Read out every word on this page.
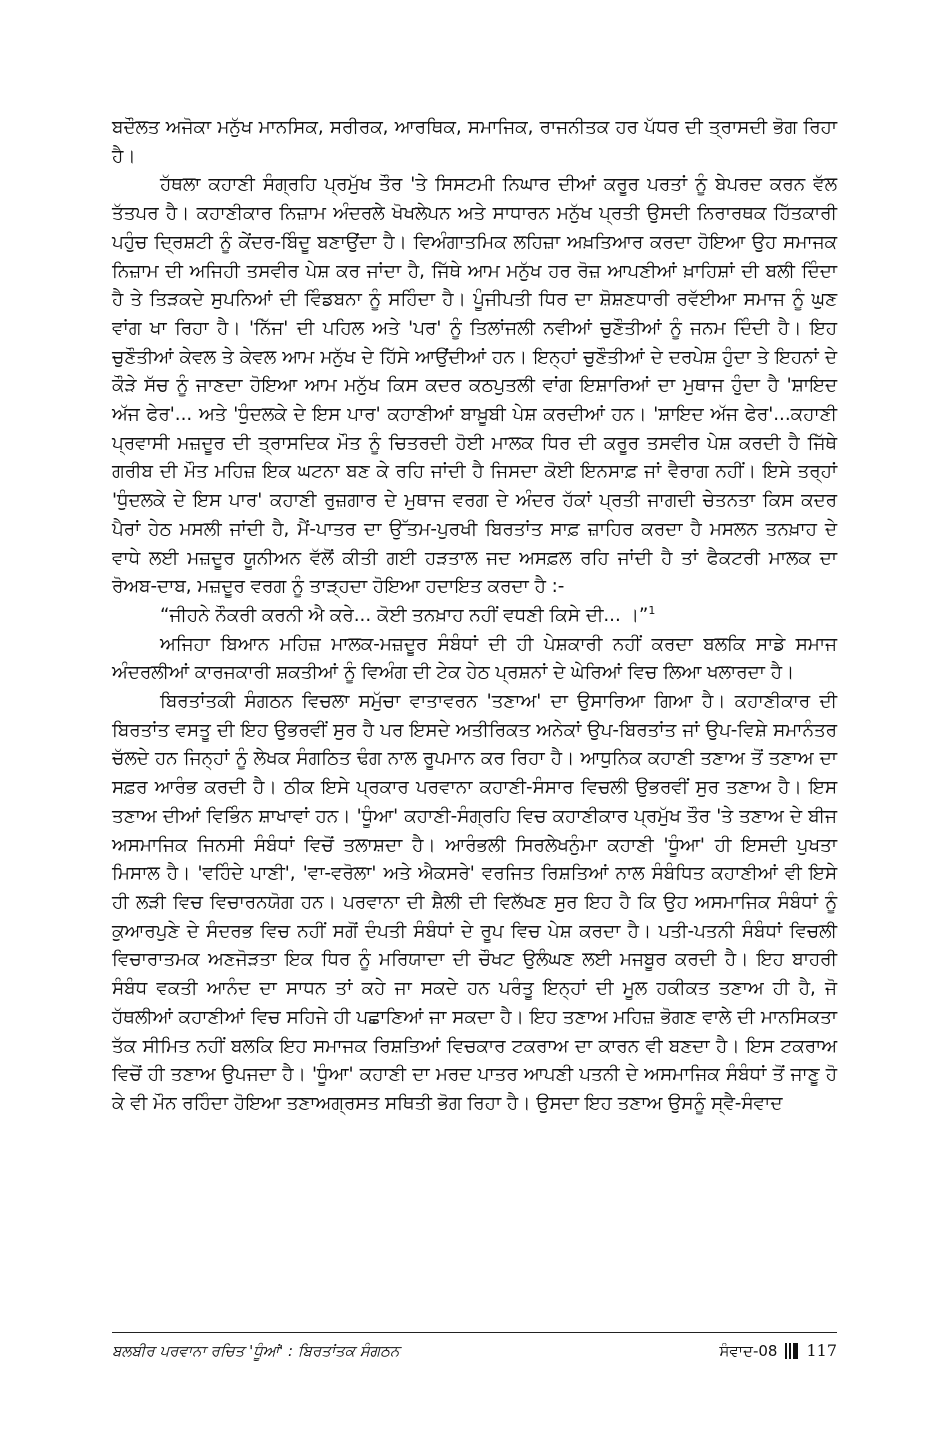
ਬਦੌਲਤ ਅਜੋਕਾ ਮਨੁੱਖ ਮਾਨਸਿਕ, ਸਰੀਰਕ, ਆਰਥਿਕ, ਸਮਾਜਿਕ, ਰਾਜਨੀਤਕ ਹਰ ਪੱਧਰ ਦੀ ਤ੍ਰਾਸਦੀ ਭੋਗ ਰਿਹਾ ਹੈ।

ਹੱਥਲਾ ਕਹਾਣੀ ਸੰਗ੍ਰਹਿ ਪ੍ਰਮੁੱਖ ਤੌਰ 'ਤੇ ਸਿਸਟਮੀ ਨਿਘਾਰ ਦੀਆਂ ਕਰੂਰ ਪਰਤਾਂ ਨੂੰ ਬੇਪਰਦ ਕਰਨ ਵੱਲ ਤੱਤਪਰ ਹੈ। ਕਹਾਣੀਕਾਰ ਨਿਜ਼ਾਮ ਅੰਦਰਲੇ ਖੋਖਲੇਪਨ ਅਤੇ ਸਾਧਾਰਨ ਮਨੁੱਖ ਪ੍ਰਤੀ ਉਸਦੀ ਨਿਰਾਰਥਕ ਹਿੱਤਕਾਰੀ ਪਹੁੰਚ ਦ੍ਰਿਸ਼ਟੀ ਨੂੰ ਕੇਂਦਰ-ਬਿੰਦੂ ਬਣਾਉਂਦਾ ਹੈ। ਵਿਅੰਗਾਤਮਿਕ ਲਹਿਜ਼ਾ ਅਖ਼ਤਿਆਰ ਕਰਦਾ ਹੋਇਆ ਉਹ ਸਮਾਜਕ ਨਿਜ਼ਾਮ ਦੀ ਅਜਿਹੀ ਤਸਵੀਰ ਪੇਸ਼ ਕਰ ਜਾਂਦਾ ਹੈ, ਜਿੱਥੇ ਆਮ ਮਨੁੱਖ ਹਰ ਰੋਜ਼ ਆਪਣੀਆਂ ਖ਼ਾਹਿਸ਼ਾਂ ਦੀ ਬਲੀ ਦਿੰਦਾ ਹੈ ਤੇ ਤਿੜਕਦੇ ਸੁਪਨਿਆਂ ਦੀ ਵਿੰਡਬਨਾ ਨੂੰ ਸਹਿੰਦਾ ਹੈ। ਪੂੰਜੀਪਤੀ ਧਿਰ ਦਾ ਸ਼ੋਸ਼ਣਧਾਰੀ ਰਵੱਈਆ ਸਮਾਜ ਨੂੰ ਘੁਣ ਵਾਂਗ ਖਾ ਰਿਹਾ ਹੈ। 'ਨਿੱਜ' ਦੀ ਪਹਿਲ ਅਤੇ 'ਪਰ' ਨੂੰ ਤਿਲਾਂਜਲੀ ਨਵੀਆਂ ਚੁਣੌਤੀਆਂ ਨੂੰ ਜਨਮ ਦਿੰਦੀ ਹੈ। ਇਹ ਚੁਣੌਤੀਆਂ ਕੇਵਲ ਤੇ ਕੇਵਲ ਆਮ ਮਨੁੱਖ ਦੇ ਹਿੱਸੇ ਆਉਂਦੀਆਂ ਹਨ। ਇਨ੍ਹਾਂ ਚੁਣੌਤੀਆਂ ਦੇ ਦਰਪੇਸ਼ ਹੁੰਦਾ ਤੇ ਇਹਨਾਂ ਦੇ ਕੌੜੇ ਸੱਚ ਨੂੰ ਜਾਣਦਾ ਹੋਇਆ ਆਮ ਮਨੁੱਖ ਕਿਸ ਕਦਰ ਕਠਪੁਤਲੀ ਵਾਂਗ ਇਸ਼ਾਰਿਆਂ ਦਾ ਮੁਥਾਜ ਹੁੰਦਾ ਹੈ 'ਸ਼ਾਇਦ ਅੱਜ ਫੇਰ'... ਅਤੇ 'ਧੁੰਦਲਕੇ ਦੇ ਇਸ ਪਾਰ' ਕਹਾਣੀਆਂ ਬਾਖ਼ੂਬੀ ਪੇਸ਼ ਕਰਦੀਆਂ ਹਨ। 'ਸ਼ਾਇਦ ਅੱਜ ਫੇਰ'...ਕਹਾਣੀ ਪ੍ਰਵਾਸੀ ਮਜ਼ਦੂਰ ਦੀ ਤ੍ਰਾਸਦਿਕ ਮੌਤ ਨੂੰ ਚਿਤਰਦੀ ਹੋਈ ਮਾਲਕ ਧਿਰ ਦੀ ਕਰੂਰ ਤਸਵੀਰ ਪੇਸ਼ ਕਰਦੀ ਹੈ ਜਿੱਥੇ ਗਰੀਬ ਦੀ ਮੌਤ ਮਹਿਜ਼ ਇਕ ਘਟਨਾ ਬਣ ਕੇ ਰਹਿ ਜਾਂਦੀ ਹੈ ਜਿਸਦਾ ਕੋਈ ਇਨਸਾਫ਼ ਜਾਂ ਵੈਰਾਗ ਨਹੀਂ। ਇਸੇ ਤਰ੍ਹਾਂ 'ਧੁੰਦਲਕੇ ਦੇ ਇਸ ਪਾਰ' ਕਹਾਣੀ ਰੁਜ਼ਗਾਰ ਦੇ ਮੁਥਾਜ ਵਰਗ ਦੇ ਅੰਦਰ ਹੱਕਾਂ ਪ੍ਰਤੀ ਜਾਗਦੀ ਚੇਤਨਤਾ ਕਿਸ ਕਦਰ ਪੈਰਾਂ ਹੇਠ ਮਸਲੀ ਜਾਂਦੀ ਹੈ, ਮੈਂ-ਪਾਤਰ ਦਾ ਉੱਤਮ-ਪੁਰਖੀ ਬਿਰਤਾਂਤ ਸਾਫ਼ ਜ਼ਾਹਿਰ ਕਰਦਾ ਹੈ ਮਸਲਨ ਤਨਖ਼ਾਹ ਦੇ ਵਾਧੇ ਲਈ ਮਜ਼ਦੂਰ ਯੂਨੀਅਨ ਵੱਲੋਂ ਕੀਤੀ ਗਈ ਹੜਤਾਲ ਜਦ ਅਸਫ਼ਲ ਰਹਿ ਜਾਂਦੀ ਹੈ ਤਾਂ ਫੈਕਟਰੀ ਮਾਲਕ ਦਾ ਰੋਅਬ-ਦਾਬ, ਮਜ਼ਦੂਰ ਵਰਗ ਨੂੰ ਤਾੜ੍ਹਦਾ ਹੋਇਆ ਹਦਾਇਤ ਕਰਦਾ ਹੈ :-

“ਜੀਹਨੇ ਨੌਕਰੀ ਕਰਨੀ ਐ ਕਰੇ... ਕੋਈ ਤਨਖ਼ਾਹ ਨਹੀਂ ਵਧਣੀ ਕਿਸੇ ਦੀ... ।”$^1$

ਅਜਿਹਾ ਬਿਆਨ ਮਹਿਜ਼ ਮਾਲਕ-ਮਜ਼ਦੂਰ ਸੰਬੰਧਾਂ ਦੀ ਹੀ ਪੇਸ਼ਕਾਰੀ ਨਹੀਂ ਕਰਦਾ ਬਲਕਿ ਸਾਡੇ ਸਮਾਜ ਅੰਦਰਲੀਆਂ ਕਾਰਜਕਾਰੀ ਸ਼ਕਤੀਆਂ ਨੂੰ ਵਿਅੰਗ ਦੀ ਟੇਕ ਹੇਠ ਪ੍ਰਸ਼ਨਾਂ ਦੇ ਘੇਰਿਆਂ ਵਿਚ ਲਿਆ ਖਲਾਰਦਾ ਹੈ।

ਬਿਰਤਾਂਤਕੀ ਸੰਗਠਨ ਵਿਚਲਾ ਸਮੁੱਚਾ ਵਾਤਾਵਰਨ 'ਤਣਾਅ' ਦਾ ਉਸਾਰਿਆ ਗਿਆ ਹੈ। ਕਹਾਣੀਕਾਰ ਦੀ ਬਿਰਤਾਂਤ ਵਸਤੂ ਦੀ ਇਹ ਉਭਰਵੀਂ ਸੁਰ ਹੈ ਪਰ ਇਸਦੇ ਅਤੀਰਿਕਤ ਅਨੇਕਾਂ ਉਪ-ਬਿਰਤਾਂਤ ਜਾਂ ਉਪ-ਵਿਸ਼ੇ ਸਮਾਨੰਤਰ ਚੱਲਦੇ ਹਨ ਜਿਨ੍ਹਾਂ ਨੂੰ ਲੇਖਕ ਸੰਗਠਿਤ ਢੰਗ ਨਾਲ ਰੂਪਮਾਨ ਕਰ ਰਿਹਾ ਹੈ। ਆਧੁਨਿਕ ਕਹਾਣੀ ਤਣਾਅ ਤੋਂ ਤਣਾਅ ਦਾ ਸਫ਼ਰ ਆਰੰਭ ਕਰਦੀ ਹੈ। ਠੀਕ ਇਸੇ ਪ੍ਰਕਾਰ ਪਰਵਾਨਾ ਕਹਾਣੀ-ਸੰਸਾਰ ਵਿਚਲੀ ਉਭਰਵੀਂ ਸੁਰ ਤਣਾਅ ਹੈ। ਇਸ ਤਣਾਅ ਦੀਆਂ ਵਿਭਿੰਨ ਸ਼ਾਖਾਵਾਂ ਹਨ। 'ਧੂੰਆ' ਕਹਾਣੀ-ਸੰਗ੍ਰਹਿ ਵਿਚ ਕਹਾਣੀਕਾਰ ਪ੍ਰਮੁੱਖ ਤੌਰ 'ਤੇ ਤਣਾਅ ਦੇ ਬੀਜ ਅਸਮਾਜਿਕ ਜਿਨਸੀ ਸੰਬੰਧਾਂ ਵਿਚੋਂ ਤਲਾਸ਼ਦਾ ਹੈ। ਆਰੰਭਲੀ ਸਿਰਲੇਖਨੁੰਮਾ ਕਹਾਣੀ 'ਧੂੰਆ' ਹੀ ਇਸਦੀ ਪੁਖਤਾ ਮਿਸਾਲ ਹੈ। 'ਵਹਿੰਦੇ ਪਾਣੀ', 'ਵਾ-ਵਰੋਲਾ' ਅਤੇ ਐਕਸਰੇ' ਵਰਜਿਤ ਰਿਸ਼ਤਿਆਂ ਨਾਲ ਸੰਬੰਧਿਤ ਕਹਾਣੀਆਂ ਵੀ ਇਸੇ ਹੀ ਲੜੀ ਵਿਚ ਵਿਚਾਰਨਯੋਗ ਹਨ। ਪਰਵਾਨਾ ਦੀ ਸ਼ੈਲੀ ਦੀ ਵਿਲੱਖਣ ਸੁਰ ਇਹ ਹੈ ਕਿ ਉਹ ਅਸਮਾਜਿਕ ਸੰਬੰਧਾਂ ਨੂੰ ਕੁਆਰਪੁਣੇ ਦੇ ਸੰਦਰਭ ਵਿਚ ਨਹੀਂ ਸਗੋਂ ਦੰਪਤੀ ਸੰਬੰਧਾਂ ਦੇ ਰੂਪ ਵਿਚ ਪੇਸ਼ ਕਰਦਾ ਹੈ। ਪਤੀ-ਪਤਨੀ ਸੰਬੰਧਾਂ ਵਿਚਲੀ ਵਿਚਾਰਾਤਮਕ ਅਣਜੋੜਤਾ ਇਕ ਧਿਰ ਨੂੰ ਮਰਿਯਾਦਾ ਦੀ ਚੌਖਟ ਉਲੰਘਣ ਲਈ ਮਜਬੂਰ ਕਰਦੀ ਹੈ। ਇਹ ਬਾਹਰੀ ਸੰਬੰਧ ਵਕਤੀ ਆਨੰਦ ਦਾ ਸਾਧਨ ਤਾਂ ਕਹੇ ਜਾ ਸਕਦੇ ਹਨ ਪਰੰਤੂ ਇਨ੍ਹਾਂ ਦੀ ਮੂਲ ਹਕੀਕਤ ਤਣਾਅ ਹੀ ਹੈ, ਜੋ ਹੱਥਲੀਆਂ ਕਹਾਣੀਆਂ ਵਿਚ ਸਹਿਜੇ ਹੀ ਪਛਾਣਿਆਂ ਜਾ ਸਕਦਾ ਹੈ। ਇਹ ਤਣਾਅ ਮਹਿਜ਼ ਭੋਗਣ ਵਾਲੇ ਦੀ ਮਾਨਸਿਕਤਾ ਤੱਕ ਸੀਮਿਤ ਨਹੀਂ ਬਲਕਿ ਇਹ ਸਮਾਜਕ ਰਿਸ਼ਤਿਆਂ ਵਿਚਕਾਰ ਟਕਰਾਅ ਦਾ ਕਾਰਨ ਵੀ ਬਣਦਾ ਹੈ। ਇਸ ਟਕਰਾਅ ਵਿਚੋਂ ਹੀ ਤਣਾਅ ਉਪਜਦਾ ਹੈ। 'ਧੂੰਆ' ਕਹਾਣੀ ਦਾ ਮਰਦ ਪਾਤਰ ਆਪਣੀ ਪਤਨੀ ਦੇ ਅਸਮਾਜਿਕ ਸੰਬੰਧਾਂ ਤੋਂ ਜਾਣੂ ਹੋ ਕੇ ਵੀ ਮੌਨ ਰਹਿੰਦਾ ਹੋਇਆ ਤਣਾਅਗ੍ਰਸਤ ਸਥਿਤੀ ਭੋਗ ਰਿਹਾ ਹੈ। ਉਸਦਾ ਇਹ ਤਣਾਅ ਉਸਨੂੰ ਸ੍ਵੈ-ਸੰਵਾਦ

ਬਲਬੀਰ ਪਰਵਾਨਾ ਰਚਿਤ 'ਧੂੰਆਂ' : ਬਿਰਤਾਂਤਕ ਸੰਗਠਨ	ਸੰਵਾਦ-08 117
